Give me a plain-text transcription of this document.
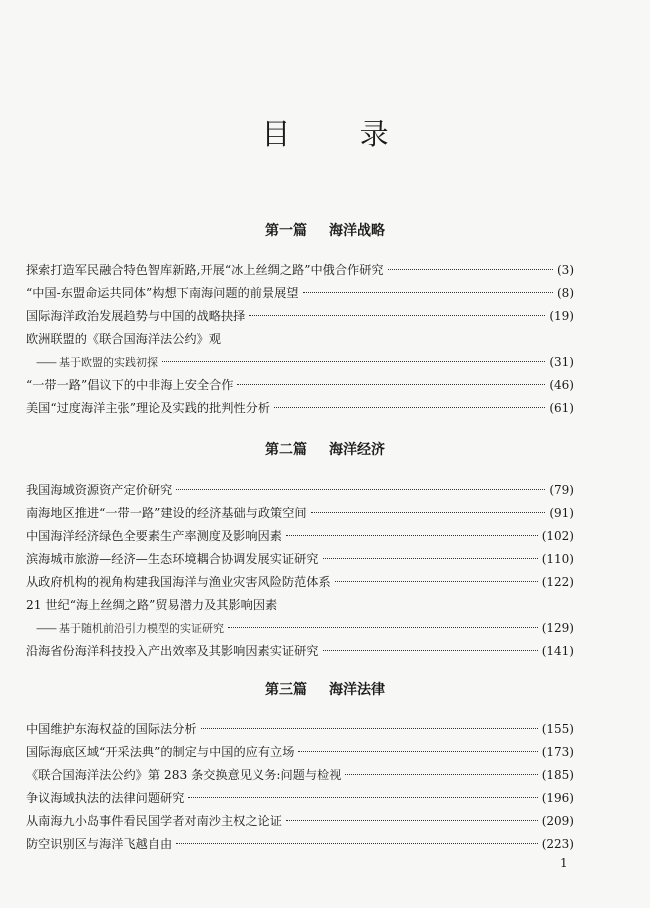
目 录
第一篇 海洋战略
探索打造军民融合特色智库新路,开展“冰上丝绸之路”中俄合作研究	(3)
“中国-东盟命运共同体”构想下南海问题的前景展望	(8)
国际海洋政治发展趋势与中国的战略抉择	(19)
欧洲联盟的《联合国海洋法公约》观
—— 基于欧盟的实践初探	(31)
“一带一路”倡议下的中非海上安全合作	(46)
美国“过度海洋主张”理论及实践的批判性分析	(61)
第二篇 海洋经济
我国海域资源资产定价研究	(79)
南海地区推进“一带一路”建设的经济基础与政策空间	(91)
中国海洋经济绿色全要素生产率测度及影响因素	(102)
滨海城市旅游—经济—生态环境耦合协调发展实证研究	(110)
从政府机构的视角构建我国海洋与渔业灾害风险防范体系	(122)
21 世纪“海上丝绸之路”贸易潜力及其影响因素
—— 基于随机前沿引力模型的实证研究	(129)
沿海省份海洋科技投入产出效率及其影响因素实证研究	(141)
第三篇 海洋法律
中国维护东海权益的国际法分析	(155)
国际海底区域“开采法典”的制定与中国的应有立场	(173)
《联合国海洋法公约》第 283 条交换意见义务:问题与检视	(185)
争议海域执法的法律问题研究	(196)
从南海九小岛事件看民国学者对南沙主权之论证	(209)
防空识别区与海洋飞越自由	(223)
1
